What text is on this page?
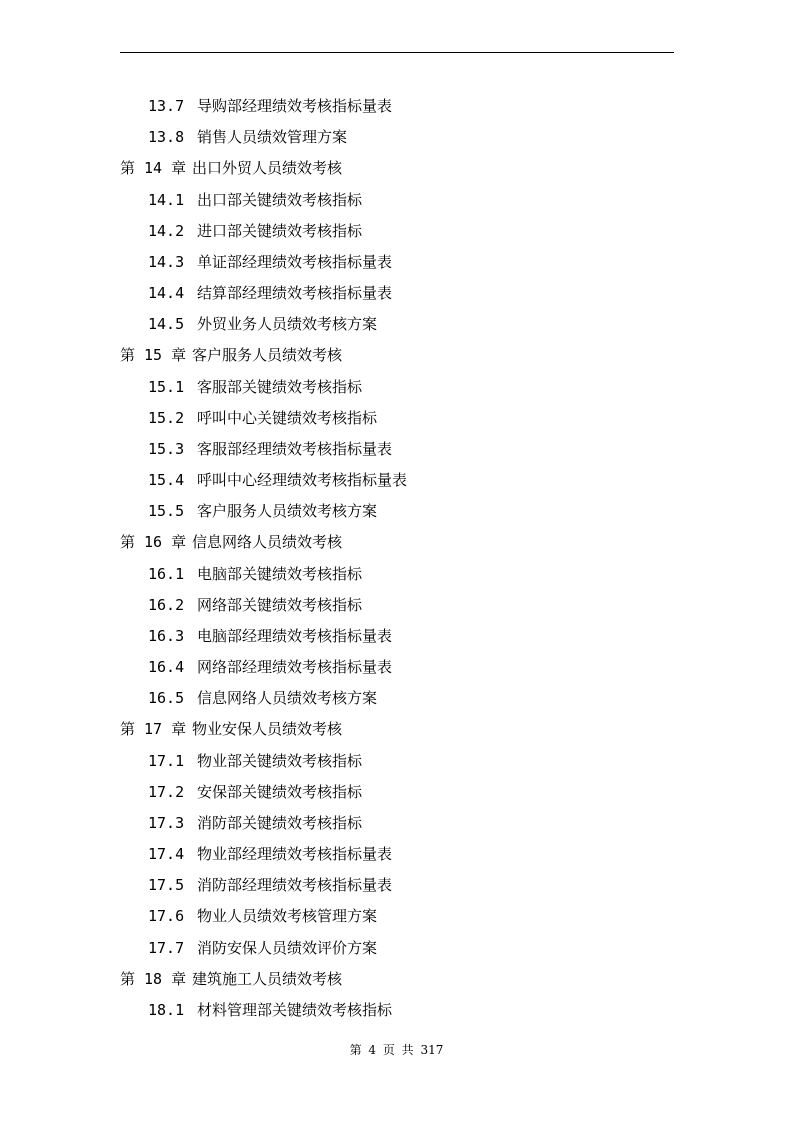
13.7 导购部经理绩效考核指标量表
13.8 销售人员绩效管理方案
第 14 章 出口外贸人员绩效考核
14.1 出口部关键绩效考核指标
14.2 进口部关键绩效考核指标
14.3 单证部经理绩效考核指标量表
14.4 结算部经理绩效考核指标量表
14.5 外贸业务人员绩效考核方案
第 15 章 客户服务人员绩效考核
15.1 客服部关键绩效考核指标
15.2 呼叫中心关键绩效考核指标
15.3 客服部经理绩效考核指标量表
15.4 呼叫中心经理绩效考核指标量表
15.5 客户服务人员绩效考核方案
第 16 章 信息网络人员绩效考核
16.1 电脑部关键绩效考核指标
16.2 网络部关键绩效考核指标
16.3 电脑部经理绩效考核指标量表
16.4 网络部经理绩效考核指标量表
16.5 信息网络人员绩效考核方案
第 17 章 物业安保人员绩效考核
17.1 物业部关键绩效考核指标
17.2 安保部关键绩效考核指标
17.3 消防部关键绩效考核指标
17.4 物业部经理绩效考核指标量表
17.5 消防部经理绩效考核指标量表
17.6 物业人员绩效考核管理方案
17.7 消防安保人员绩效评价方案
第 18 章 建筑施工人员绩效考核
18.1 材料管理部关键绩效考核指标
第 4 页 共 317
